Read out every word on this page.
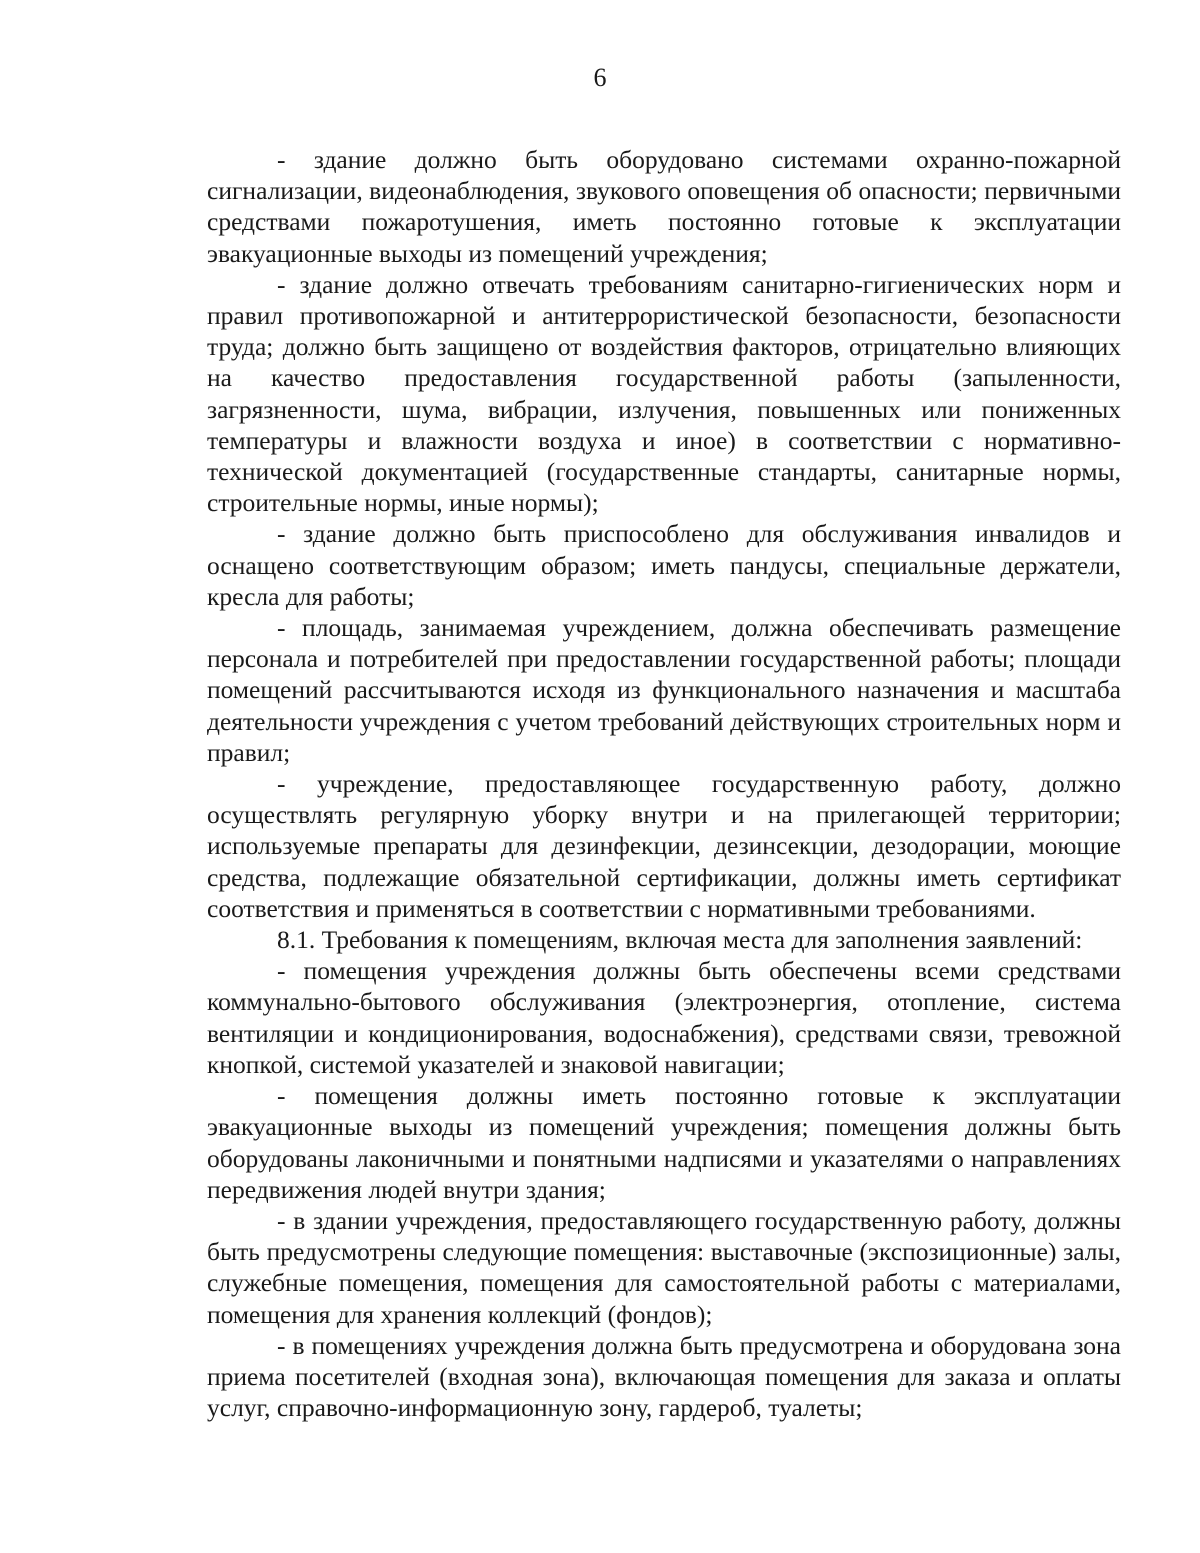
6

- здание должно быть оборудовано системами охранно-пожарной сигнализации, видеонаблюдения, звукового оповещения об опасности; первичными средствами пожаротушения, иметь постоянно готовые к эксплуатации эвакуационные выходы из помещений учреждения;

- здание должно отвечать требованиям санитарно-гигиенических норм и правил противопожарной и антитеррористической безопасности, безопасности труда; должно быть защищено от воздействия факторов, отрицательно влияющих на качество предоставления государственной работы (запыленности, загрязненности, шума, вибрации, излучения, повышенных или пониженных температуры и влажности воздуха и иное) в соответствии с нормативно-технической документацией (государственные стандарты, санитарные нормы, строительные нормы, иные нормы);

- здание должно быть приспособлено для обслуживания инвалидов и оснащено соответствующим образом; иметь пандусы, специальные держатели, кресла для работы;

- площадь, занимаемая учреждением, должна обеспечивать размещение персонала и потребителей при предоставлении государственной работы; площади помещений рассчитываются исходя из функционального назначения и масштаба деятельности учреждения с учетом требований действующих строительных норм и правил;

- учреждение, предоставляющее государственную работу, должно осуществлять регулярную уборку внутри и на прилегающей территории; используемые препараты для дезинфекции, дезинсекции, дезодорации, моющие средства, подлежащие обязательной сертификации, должны иметь сертификат соответствия и применяться в соответствии с нормативными требованиями.

8.1. Требования к помещениям, включая места для заполнения заявлений:

- помещения учреждения должны быть обеспечены всеми средствами коммунально-бытового обслуживания (электроэнергия, отопление, система вентиляции и кондиционирования, водоснабжения), средствами связи, тревожной кнопкой, системой указателей и знаковой навигации;

- помещения должны иметь постоянно готовые к эксплуатации эвакуационные выходы из помещений учреждения; помещения должны быть оборудованы лаконичными и понятными надписями и указателями о направлениях передвижения людей внутри здания;

- в здании учреждения, предоставляющего государственную работу, должны быть предусмотрены следующие помещения: выставочные (экспозиционные) залы, служебные помещения, помещения для самостоятельной работы с материалами, помещения для хранения коллекций (фондов);

- в помещениях учреждения должна быть предусмотрена и оборудована зона приема посетителей (входная зона), включающая помещения для заказа и оплаты услуг, справочно-информационную зону, гардероб, туалеты;
